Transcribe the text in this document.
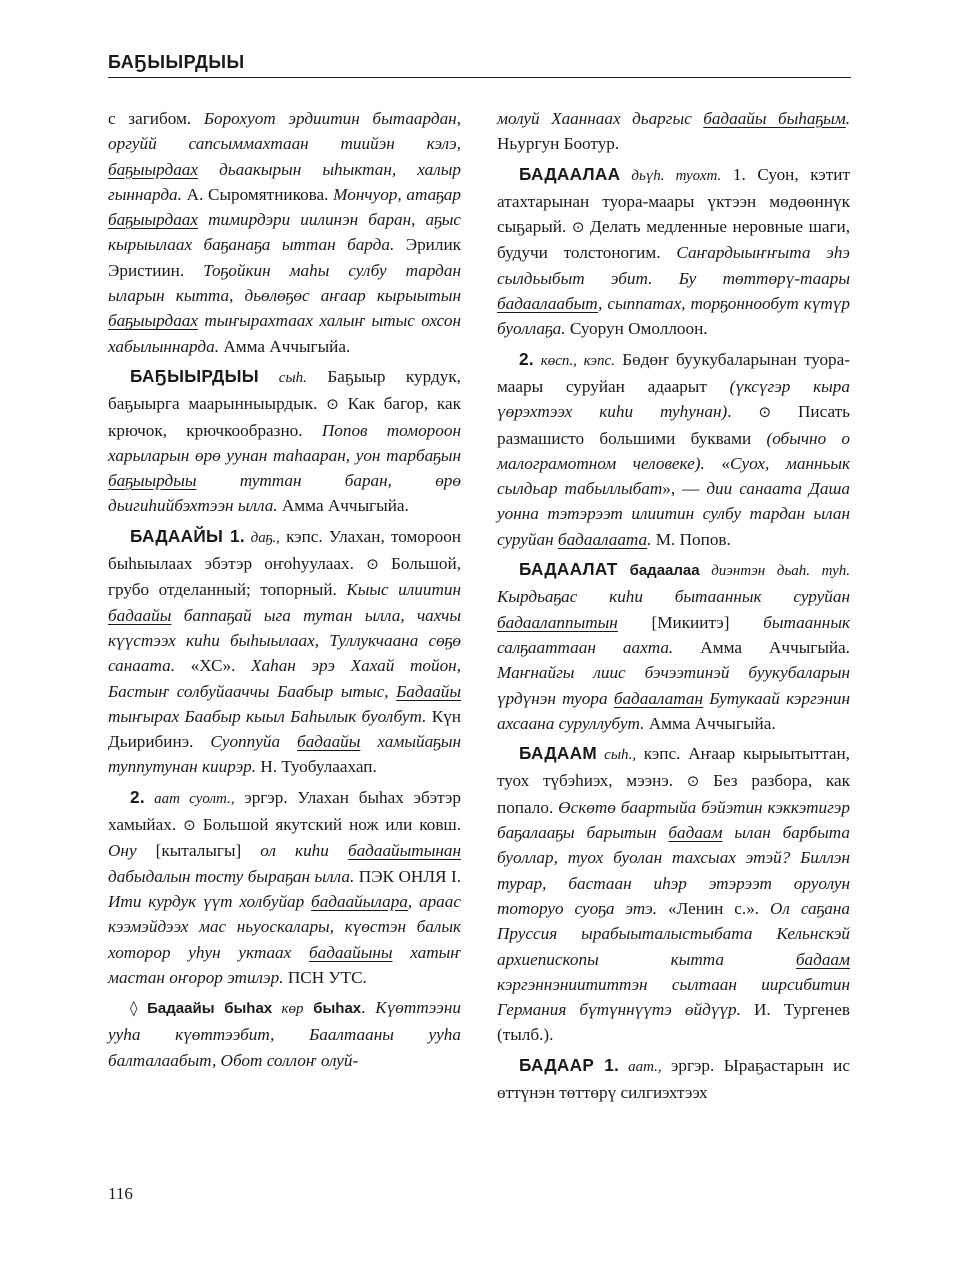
БАҔЫЫРДЫЫ

с загибом. Борохуот эрдиитин бытаардан, оргуйй сапсыммахтаан тиийэн кэлэ, баҕыырдаах дьаакырын ыһыктан, халыр гыннарда. А. Сыромятникова. Мончуор, атаҕар баҕыырдаах тимирдэри иилинэн баран, аҕыс кырыылаах баҕанаҕа ыттан барда. Эрилик Эристиин. Тоҕойкин маһы сулбу тардан ыларын кытта, дьөлөҕөс аҥаар кырыытын баҕыырдаах тыҥырахтаах халыҥ ытыс охсон хабылыннарда. Амма Аччыгыйа.

БАҔЫЫРДЫЫ сыһ. Баҕыыр курдук, баҕыырга маарынныырдык. ⊙ Как багор, как крючок, крючкообразно. Попов томороон харыларын өрө уунан таһааран, уон тарбаҕын баҕыырдыы туттан баран, өрө дьигиһийбэхтээн ылла. Амма Аччыгыйа.

БАДААЙЫ 1. даҕ., кэпс. Улахан, томороон быһыылаах эбэтэр оҥоһуулаах. ⊙ Большой, грубо отделанный; топорный. Кыыс илиитин бадаайы баппаҕай ыга тутан ылла, чахчы күүстээх киһи быһыылаах, Туллукчаана сөҕө санаата. «ХС». Хаһан эрэ Хахай тойон, Бастыҥ солбуйааччы Баабыр ытыс, Бадаайы тыҥырах Баабыр кыыл Баһылык буолбут. Күн Дьирибинэ. Суоппуйа бадаайы хамыйаҕын туппутунан киирэр. Н. Туобулаахап.

2. аат суолт., эргэр. Улахан быһах эбэтэр хамыйах. ⊙ Большой якутский нож или ковш. Ону [кыталыгы] ол киһи бадаайытынан дабыдалын тосту быраҕан ылла. ПЭК ОНЛЯ I. Ити курдук үүт холбуйар бадаайылара, араас кээмэйдээх мас ньуоскалары, күөстэн балык хоторор уһун уктаах бадаайыны хатыҥ мастан оҥорор этилэр. ПСН УТС.

◊ Бадаайы быһах көр быһах. Күөттээни ууһа күөттээбит, Баалтааны ууһа балталаабыт, Обот соллоҥ олуй-

молуй Хааннаах дьаргыс бадаайы быһаҕым. Ньургун Боотур.

БАДААЛАА дьүһ. туохт. 1. Суон, кэтит атахтарынан туора-маары үктээн мөдөөннүк сыҕарый. ⊙ Делать медленные неровные шаги, будучи толстоногим. Саҥардыыҥҥыта эһэ сылдьыбыт эбит. Бу төттөрү-таары бадаалаабыт, сыппатах, торҕоннообут күтүр буоллаҕа. Суорун Омоллоон.

2. көсп., кэпс. Бөдөҥ буукубаларынан туора-маары суруйан адаарыт (үксүгэр кыра үөрэхтээх киһи туһунан). ⊙ Писать размашисто большими буквами (обычно о малограмотном человеке). «Суох, манньык сылдьар табыллыбат», — дии санаата Даша уонна тэтэрээт илиитин сулбу тардан ылан суруйан бадаалаата. М. Попов.

БАДААЛАТ бадаалаа диэнтэн дьаһ. туһ. Кырдьаҕас киһи бытааннык суруйан бадаалаппытын [Микиитэ] бытааннык салҕааттаан аахта. Амма Аччыгыйа. Маҥнайгы лиис бэчээтинэй буукубаларын үрдүнэн туора бадаалатан Бутукаай кэргэнин ахсаана суруллубут. Амма Аччыгыйа.

БАДААМ сыһ., кэпс. Аҥаар кырыытыттан, туох түбэһиэх, мээнэ. ⊙ Без разбора, как попало. Өскөтө баартыйа бэйэтин кэккэтигэр баҕалааҕы барытын бадаам ылан барбыта буоллар, туох буолан тахсыах этэй? Биллэн турар, бастаан иһэр этэрээт оруолун тоторуо суоҕа этэ. «Ленин с.». Ол саҕана Пруссия ырабыыталыстыбата Кельнскэй архиепископы кытта бадаам кэргэннэниититтэн сылтаан иирсибитин Германия бүтүннүүтэ өйдүүр. И. Тургенев (тылб.).

БАДААР 1. аат., эргэр. Ыраҕастарын ис өттүнэн төттөрү силгиэхтээх

116
